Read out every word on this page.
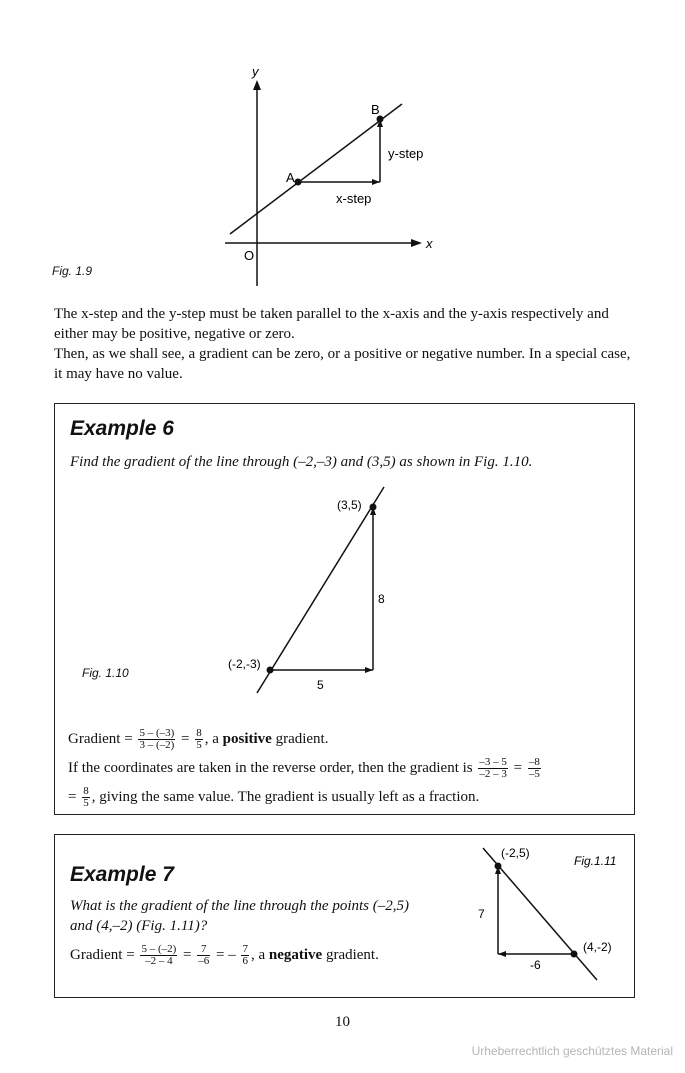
y
x
O
A
B
x-step
y-step
Fig. 1.9
The x-step and the y-step must be taken parallel to the x-axis and the y-axis respectively and either may be positive, negative or zero.
Then, as we shall see, a gradient can be zero, or a positive or negative number. In a special case, it may have no value.
Example 6
Find the gradient of the line through (–2,–3) and (3,5) as shown in Fig. 1.10.
(3,5)
(-2,-3)
8
5
Fig. 1.10
Gradient = $\frac{5 - (-3)}{3 - (-2)} = \frac{8}{5}$ , a positive gradient.
If the coordinates are taken in the reverse order, then the gradient is $\frac{-3 - 5}{-2 - 3} = \frac{-8}{-5}$
= $\frac{8}{5}$ , giving the same value. The gradient is usually left as a fraction.
Example 7
What is the gradient of the line through the points (–2,5) and (4,–2) (Fig. 1.11)?
Gradient = $\frac{5 - (-2)}{-2 - 4} = \frac{7}{-6}$ = – $\frac{7}{6}$ , a negative gradient.
(-2,5)
(4,-2)
7
-6
Fig.1.11
10
Urheberrechtlich geschütztes Material
